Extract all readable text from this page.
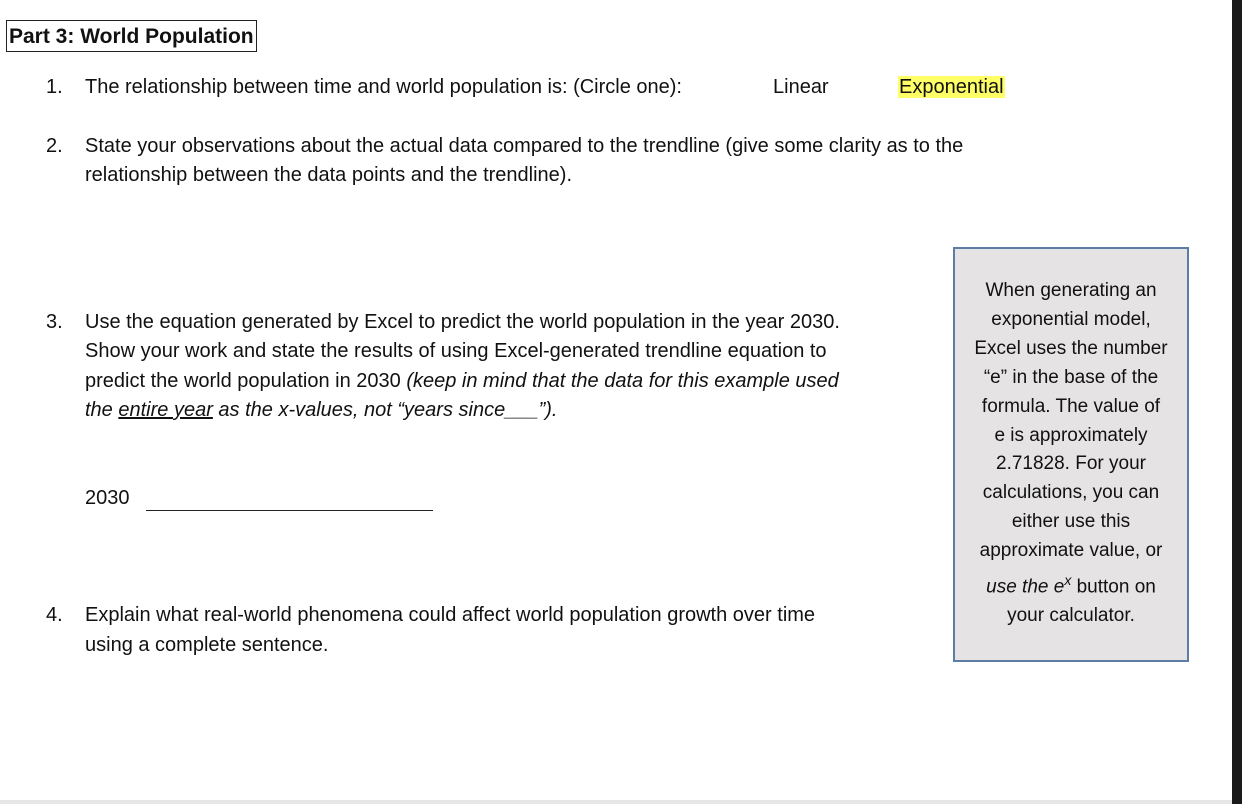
Part 3: World Population
1. The relationship between time and world population is: (Circle one):	Linear	Exponential
2. State your observations about the actual data compared to the trendline (give some clarity as to the
relationship between the data points and the trendline).
3. Use the equation generated by Excel to predict the world population in the year 2030.
Show your work and state the results of using Excel-generated trendline equation to
predict the world population in 2030 (keep in mind that the data for this example used
the entire year as the x-values, not “years since___”).
2030
4. Explain what real-world phenomena could affect world population growth over time
using a complete sentence.
When generating an
exponential model,
Excel uses the number
“e” in the base of the
formula. The value of
e is approximately
2.71828. For your
calculations, you can
either use this
approximate value, or
use the $e^x$ button on
your calculator.
